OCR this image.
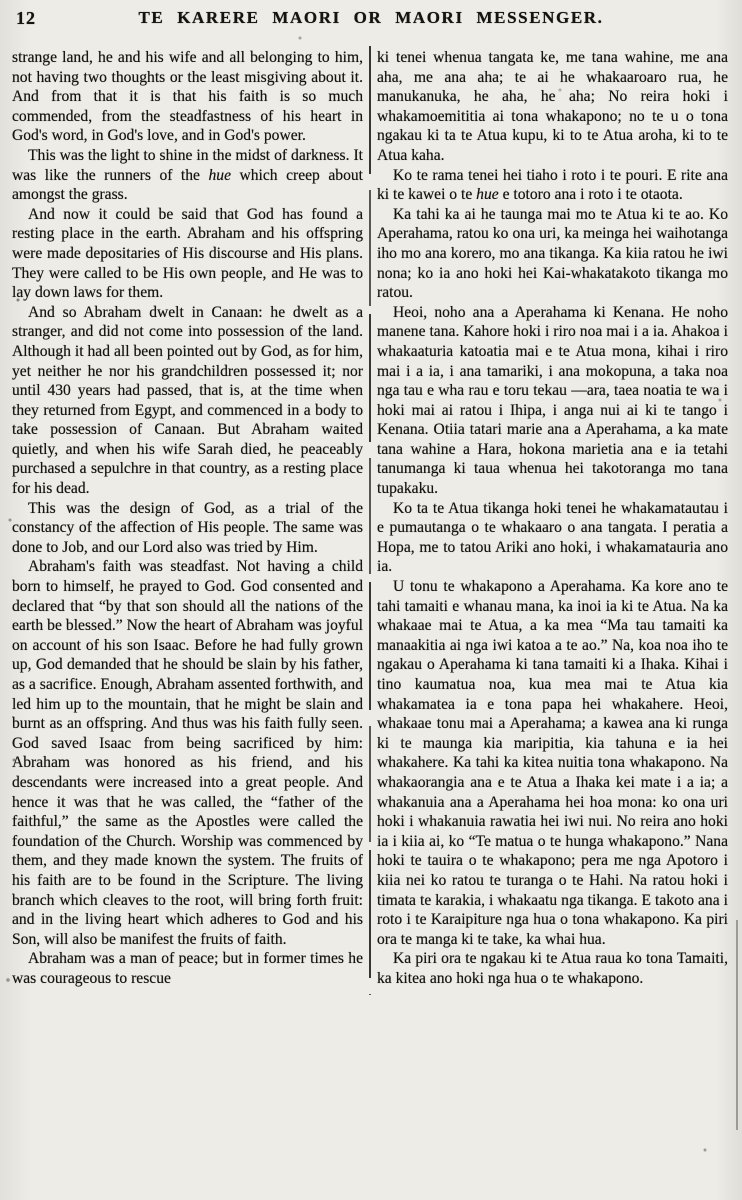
12	TE KARERE MAORI OR MAORI MESSENGER.

strange land, he and his wife and all belonging to him, not having two thoughts or the least misgiving about it. And from that it is that his faith is so much commended, from the steadfastness of his heart in God's word, in God's love, and in God's power.

This was the light to shine in the midst of darkness. It was like the runners of the hue which creep about amongst the grass.

And now it could be said that God has found a resting place in the earth. Abraham and his offspring were made depositaries of His discourse and His plans. They were called to be His own people, and He was to lay down laws for them.

And so Abraham dwelt in Canaan: he dwelt as a stranger, and did not come into possession of the land. Although it had all been pointed out by God, as for him, yet neither he nor his grandchildren possessed it; nor until 430 years had passed, that is, at the time when they returned from Egypt, and commenced in a body to take possession of Canaan. But Abraham waited quietly, and when his wife Sarah died, he peaceably purchased a sepulchre in that country, as a resting place for his dead.

This was the design of God, as a trial of the constancy of the affection of His people. The same was done to Job, and our Lord also was tried by Him.

Abraham's faith was steadfast. Not having a child born to himself, he prayed to God. God consented and declared that “by that son should all the nations of the earth be blessed.” Now the heart of Abraham was joyful on account of his son Isaac. Before he had fully grown up, God demanded that he should be slain by his father, as a sacrifice. Enough, Abraham assented forthwith, and led him up to the mountain, that he might be slain and burnt as an offspring. And thus was his faith fully seen. God saved Isaac from being sacrificed by him: Abraham was honored as his friend, and his descendants were increased into a great people. And hence it was that he was called, the “father of the faithful,” the same as the Apostles were called the foundation of the Church. Worship was commenced by them, and they made known the system. The fruits of his faith are to be found in the Scripture. The living branch which cleaves to the root, will bring forth fruit: and in the living heart which adheres to God and his Son, will also be manifest the fruits of faith.

Abraham was a man of peace; but in former times he was courageous to rescue

ki tenei whenua tangata ke, me tana wahine, me ana aha, me ana aha; te ai he whakaaroaro rua, he manukanuka, he aha, he aha; No reira hoki i whakamoemititia ai tona whakapono; no te u o tona ngakau ki ta te Atua kupu, ki to te Atua aroha, ki to te Atua kaha.

Ko te rama tenei hei tiaho i roto i te pouri. E rite ana ki te kawei o te hue e totoro ana i roto i te otaota.

Ka tahi ka ai he taunga mai mo te Atua ki te ao. Ko Aperahama, ratou ko ona uri, ka meinga hei waihotanga iho mo ana korero, mo ana tikanga. Ka kiia ratou he iwi nona; ko ia ano hoki hei Kai-whakatakoto tikanga mo ratou.

Heoi, noho ana a Aperahama ki Kenana. He noho manene tana. Kahore hoki i riro noa mai i a ia. Ahakoa i whakaaturia katoatia mai e te Atua mona, kihai i riro mai i a ia, i ana tamariki, i ana mokopuna, a taka noa nga tau e wha rau e toru tekau —ara, taea noatia te wa i hoki mai ai ratou i Ihipa, i anga nui ai ki te tango i Kenana. Otiia tatari marie ana a Aperahama, a ka mate tana wahine a Hara, hokona marietia ana e ia tetahi tanumanga ki taua whenua hei takotoranga mo tana tupakaku.

Ko ta te Atua tikanga hoki tenei he whakamatautau i e pumautanga o te whakaaro o ana tangata. I peratia a Hopa, me to tatou Ariki ano hoki, i whakamatauria ano ia.

U tonu te whakapono a Aperahama. Ka kore ano te tahi tamaiti e whanau mana, ka inoi ia ki te Atua. Na ka whakaae mai te Atua, a ka mea “Ma tau tamaiti ka manaakitia ai nga iwi katoa a te ao.” Na, koa noa iho te ngakau o Aperahama ki tana tamaiti ki a Ihaka. Kihai i tino kaumatua noa, kua mea mai te Atua kia whakamatea ia e tona papa hei whakahere. Heoi, whakaae tonu mai a Aperahama; a kawea ana ki runga ki te maunga kia maripitia, kia tahuna e ia hei whakahere. Ka tahi ka kitea nuitia tona whakapono. Na whakaorangia ana e te Atua a Ihaka kei mate i a ia; a whakanuia ana a Aperahama hei hoa mona: ko ona uri hoki i whakanuia rawatia hei iwi nui. No reira ano hoki ia i kiia ai, ko “Te matua o te hunga whakapono.” Nana hoki te tauira o te whakapono; pera me nga Apotoro i kiia nei ko ratou te turanga o te Hahi. Na ratou hoki i timata te karakia, i whakaatu nga tikanga. E takoto ana i roto i te Karaipiture nga hua o tona whakapono. Ka piri ora te manga ki te take, ka whai hua.

Ka piri ora te ngakau ki te Atua raua ko tona Tamaiti, ka kitea ano hoki nga hua o te whakapono.
